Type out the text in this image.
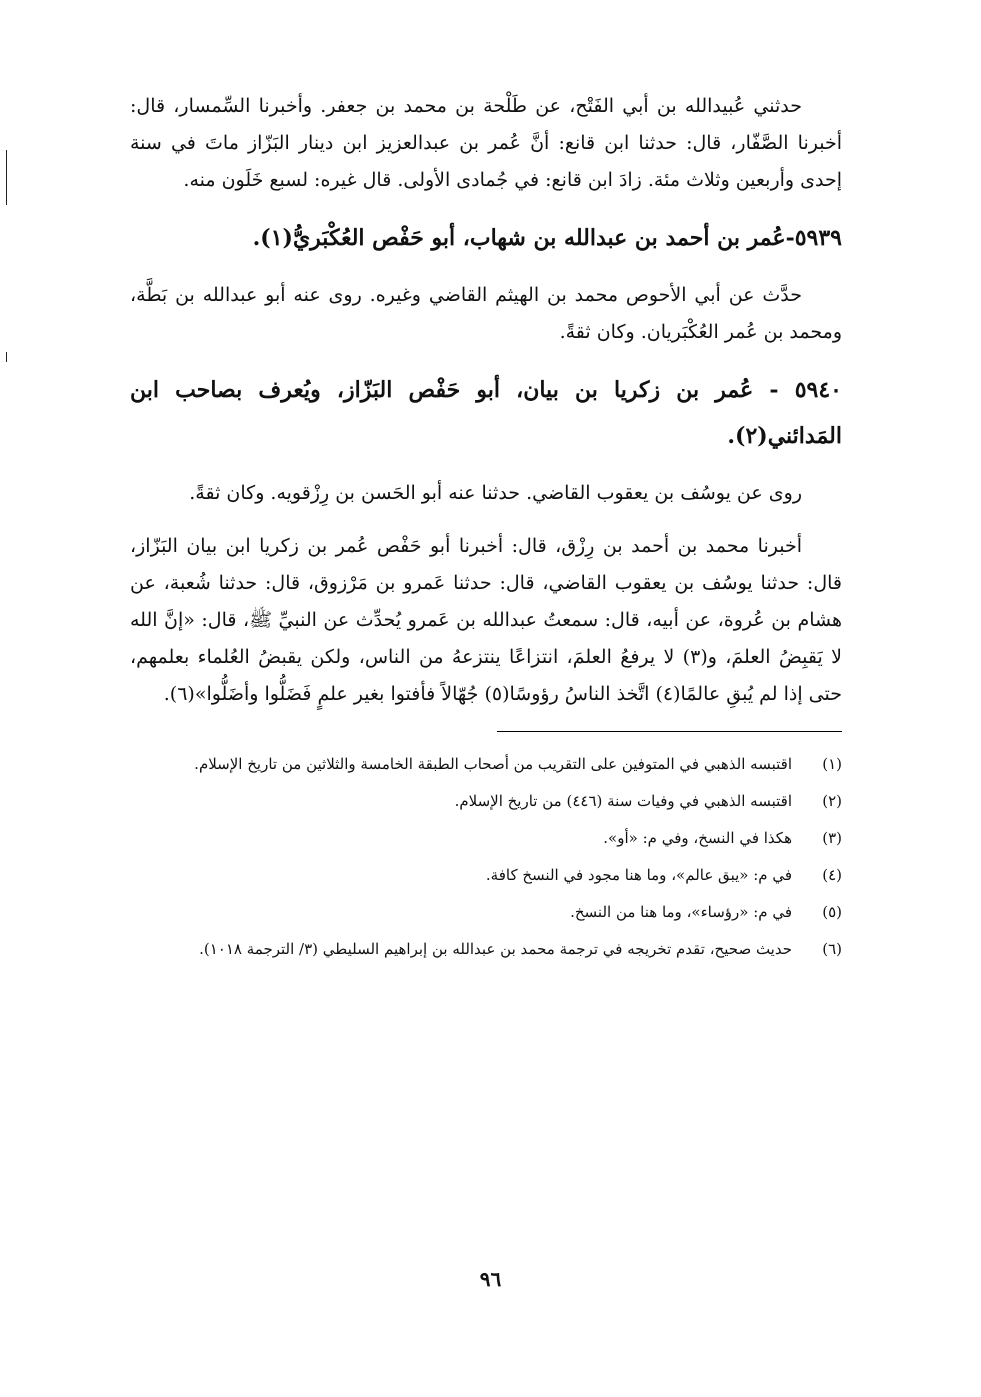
حدثني عُبيدالله بن أبي الفَتْح، عن طَلْحة بن محمد بن جعفر. وأخبرنا السِّمسار، قال: أخبرنا الصَّفّار، قال: حدثنا ابن قانع: أنَّ عُمر بن عبدالعزيز ابن دينار البَزّاز ماتَ في سنة إحدى وأربعين وثلاث مئة. زادَ ابن قانع: في جُمادى الأولى. قال غيره: لسبع خَلَون منه.

٥٩٣٩-عُمر بن أحمد بن عبدالله بن شهاب، أبو حَفْص العُكْبَريُّ(١).

حدَّث عن أبي الأحوص محمد بن الهيثم القاضي وغيره. روى عنه أبو عبدالله بن بَطَّة، ومحمد بن عُمر العُكْبَريان. وكان ثقةً.

٥٩٤٠ - عُمر بن زكريا بن بيان، أبو حَفْص البَزّاز، ويُعرف بصاحب ابن المَدائني(٢).

روى عن يوسُف بن يعقوب القاضي. حدثنا عنه أبو الحَسن بن رِزْقويه. وكان ثقةً.

أخبرنا محمد بن أحمد بن رِزْق، قال: أخبرنا أبو حَفْص عُمر بن زكريا ابن بيان البَزّاز، قال: حدثنا يوسُف بن يعقوب القاضي، قال: حدثنا عَمرو بن مَرْزوق، قال: حدثنا شُعبة، عن هشام بن عُروة، عن أبيه، قال: سمعتُ عبدالله بن عَمرو يُحدِّث عن النبيِّ ﷺ، قال: «إنَّ الله لا يَقبِضُ العلمَ، و(٣) لا يرفعُ العلمَ، انتزاعًا ينتزعهُ من الناس، ولكن يقبضُ العُلماء بعلمهم، حتى إذا لم يُبقِ عالمًا(٤) اتَّخذ الناسُ رؤوسًا(٥) جُهّالاً فأفتوا بغير علمٍ فَضَلُّوا وأضَلُّوا»(٦).

(١)
اقتبسه الذهبي في المتوفين على التقريب من أصحاب الطبقة الخامسة والثلاثين من تاريخ الإسلام.
(٢)
اقتبسه الذهبي في وفيات سنة (٤٤٦) من تاريخ الإسلام.
(٣)
هكذا في النسخ، وفي م: «أو».
(٤)
في م: «يبق عالم»، وما هنا مجود في النسخ كافة.
(٥)
في م: «رؤساء»، وما هنا من النسخ.
(٦)
حديث صحيح، تقدم تخريجه في ترجمة محمد بن عبدالله بن إبراهيم السليطي (٣/ الترجمة ١٠١٨).
٩٦
